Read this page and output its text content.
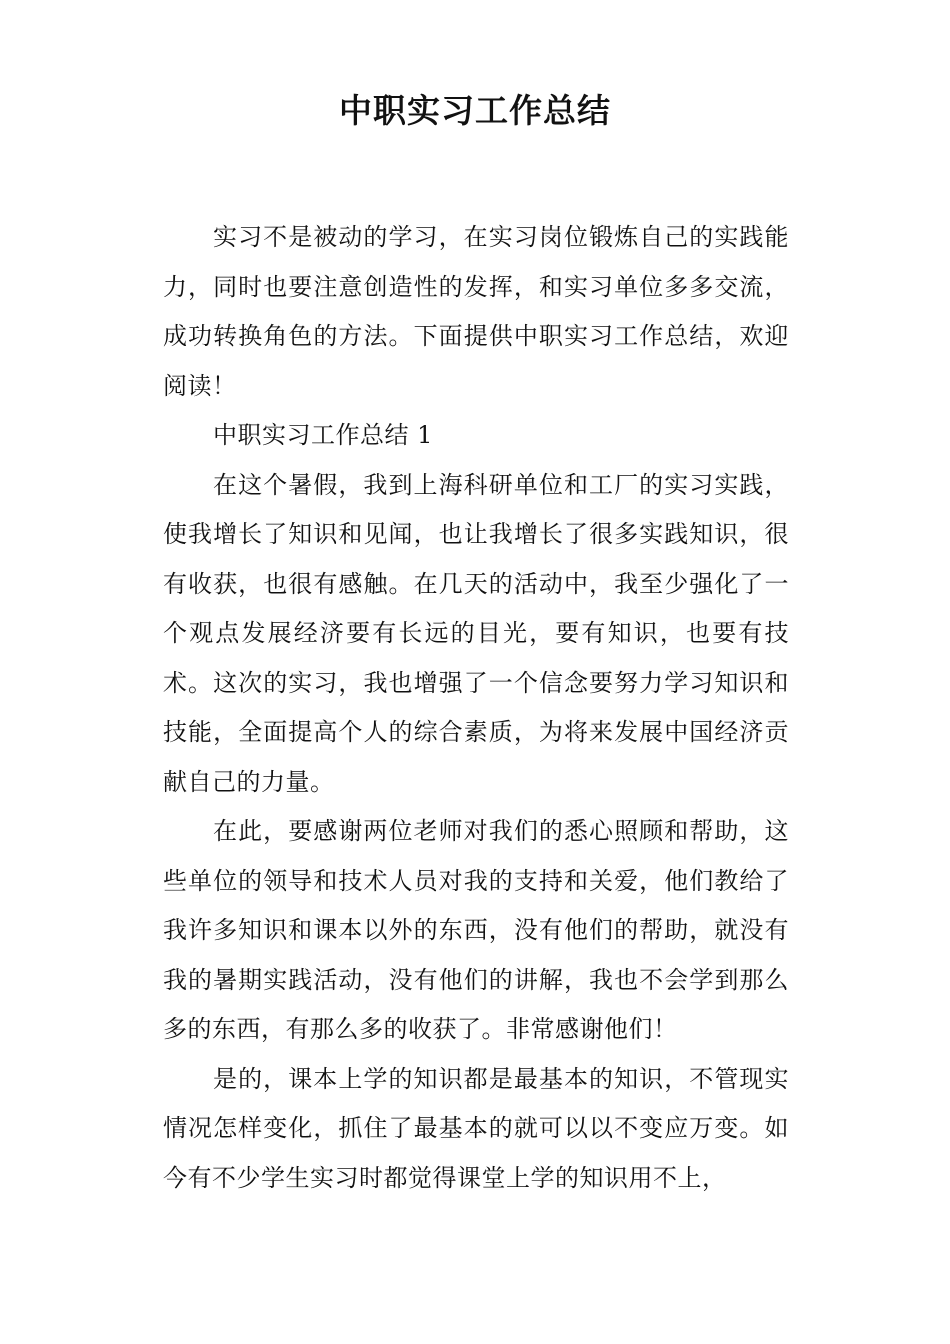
中职实习工作总结

实习不是被动的学习，在实习岗位锻炼自己的实践能力，同时也要注意创造性的发挥，和实习单位多多交流，成功转换角色的方法。下面提供中职实习工作总结，欢迎阅读！

中职实习工作总结 1

在这个暑假，我到上海科研单位和工厂的实习实践，使我增长了知识和见闻，也让我增长了很多实践知识，很有收获，也很有感触。在几天的活动中，我至少强化了一个观点发展经济要有长远的目光，要有知识，也要有技术。这次的实习，我也增强了一个信念要努力学习知识和技能，全面提高个人的综合素质，为将来发展中国经济贡献自己的力量。

在此，要感谢两位老师对我们的悉心照顾和帮助，这些单位的领导和技术人员对我的支持和关爱，他们教给了我许多知识和课本以外的东西，没有他们的帮助，就没有我的暑期实践活动，没有他们的讲解，我也不会学到那么多的东西，有那么多的收获了。非常感谢他们！

是的，课本上学的知识都是最基本的知识，不管现实情况怎样变化，抓住了最基本的就可以以不变应万变。如今有不少学生实习时都觉得课堂上学的知识用不上，
